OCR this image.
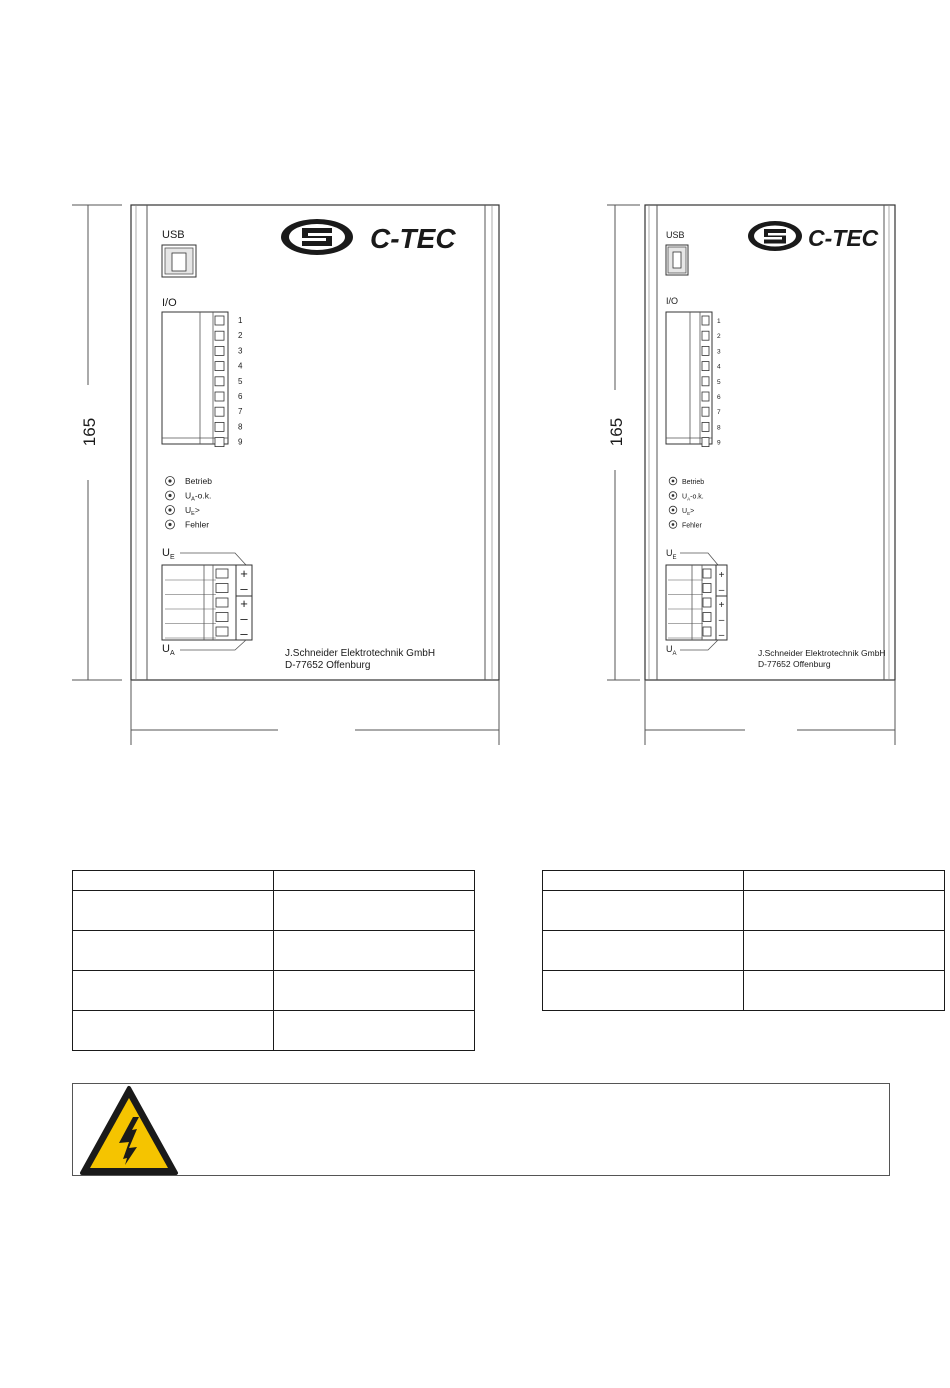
165
USB	C-TEC
I/O
1
2
3
4
5
6
7
8
9
Betrieb
$U_A-o.k$.
$U_E>$
Fehler
$U_E$
+
–
+
–
–
$U_A$	J.Schneider Elektrotechnik GmbH
D-77652 Offenburg
165
USB	C-TEC
I/O
1
2
3
4
5
6
7
8
9
Betrieb
$U_A-o.k$.
$U_E>$
Fehler
$U_E$
+
–
+
–
–
$U_A$	J.Schneider Elektrotechnik GmbH
D-77652 Offenburg
